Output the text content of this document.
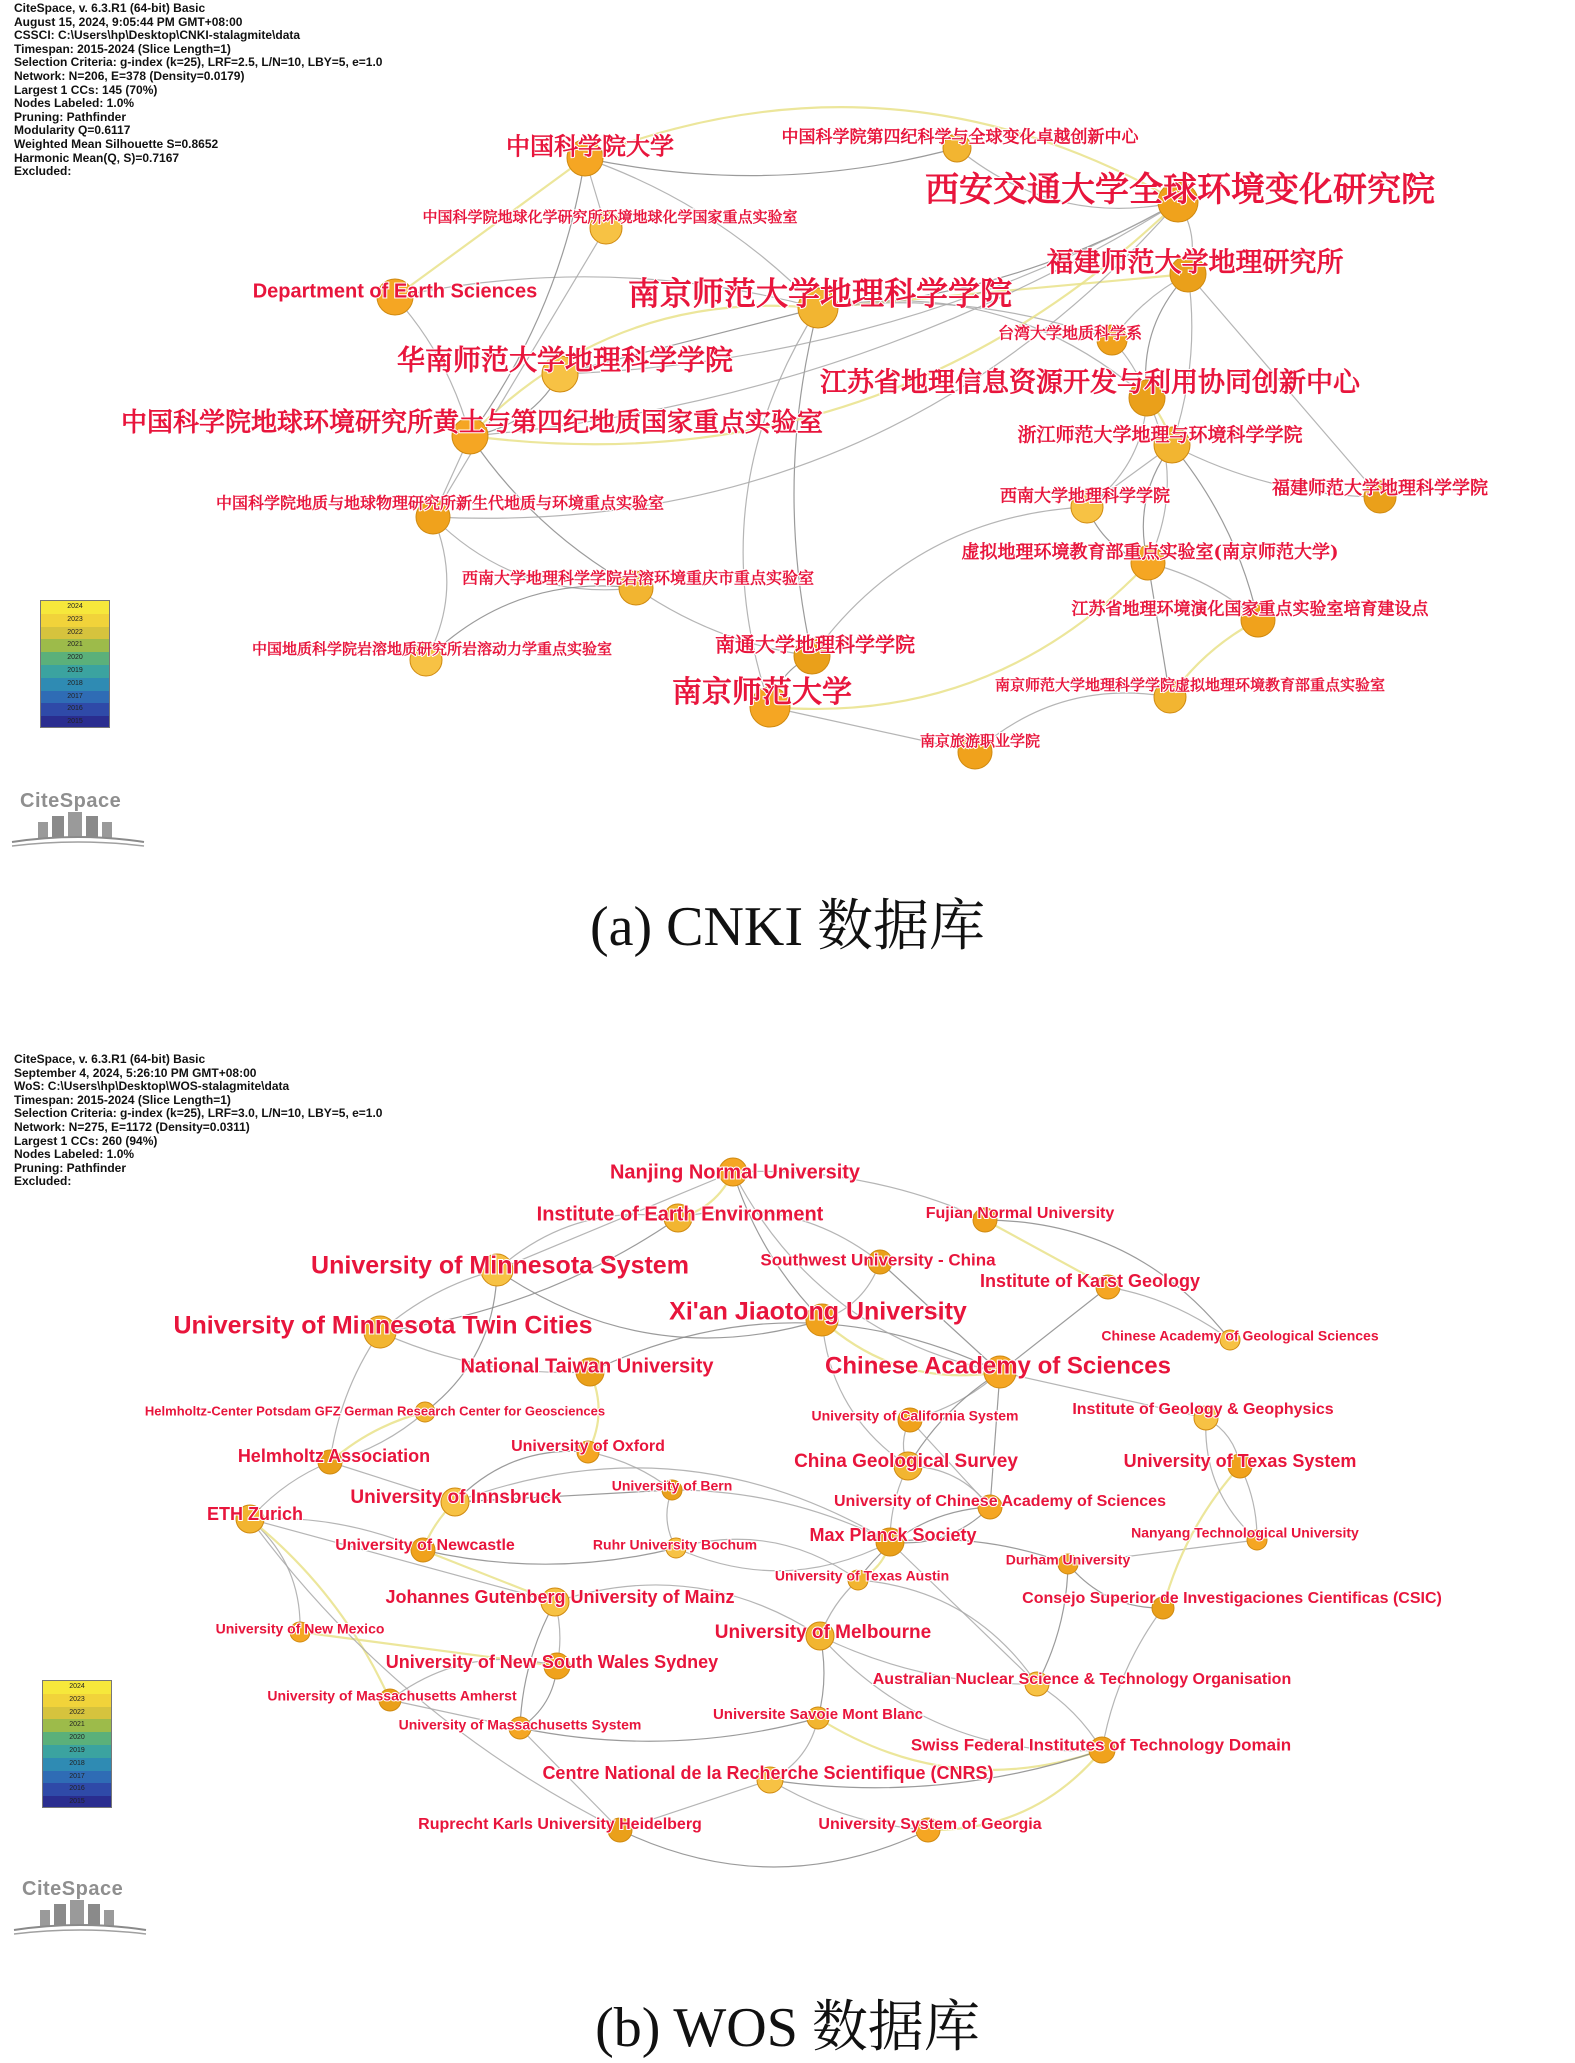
中国科学院大学	中国科学院第四纪科学与全球变化卓越创新中心
西安交通大学全球环境变化研究院
中国科学院地球化学研究所环境地球化学国家重点实验室
福建师范大学地理研究所
Department of Earth Sciences	南京师范大学地理科学学院
台湾大学地质科学系
华南师范大学地理科学学院
江苏省地理信息资源开发与利用协同创新中心
中国科学院地球环境研究所黄土与第四纪地质国家重点实验室	浙江师范大学地理与环境科学学院
中国科学院地质与地球物理研究所新生代地质与环境重点实验室	西南大学地理科学学院	福建师范大学地理科学学院
虚拟地理环境教育部重点实验室(南京师范大学)
西南大学地理科学学院岩溶环境重庆市重点实验室
江苏省地理环境演化国家重点实验室培育建设点
中国地质科学院岩溶地质研究所岩溶动力学重点实验室	南通大学地理科学学院
南京师范大学	南京师范大学地理科学学院虚拟地理环境教育部重点实验室
南京旅游职业学院
CiteSpace, v. 6.3.R1 (64-bit) Basic
August 15, 2024, 9:05:44 PM GMT+08:00
CSSCI: C:\Users\hp\Desktop\CNKI-stalagmite\data
Timespan: 2015-2024 (Slice Length=1)
Selection Criteria: g-index (k=25), LRF=2.5, L/N=10, LBY=5, e=1.0
Network: N=206, E=378 (Density=0.0179)
Largest 1 CCs: 145 (70%)
Nodes Labeled: 1.0%
Pruning: Pathfinder
Modularity Q=0.6117
Weighted Mean Silhouette S=0.8652
Harmonic Mean(Q, S)=0.7167
Excluded:
2024
2023
2022
2021
2020
2019
2018
2017
2016
2015
CiteSpace
(a) CNKI 数据库
Nanjing Normal University
Institute of Earth Environment	Fujian Normal University
University of Minnesota System	Southwest University - China
Institute of Karst Geology
University of Minnesota Twin Cities	Xi'an Jiaotong University
Chinese Academy of Geological Sciences
National Taiwan University	Chinese Academy of Sciences
Helmholtz-Center Potsdam GFZ German Research Center for Geosciences	University of California System	Institute of Geology & Geophysics
Helmholtz Association	University of Oxford
China Geological Survey	University of Texas System
University of Innsbruck
University of Bern
University of Chinese Academy of Sciences
ETH Zurich
University of Newcastle	Ruhr University Bochum	Max Planck Society	Nanyang Technological University
University of Texas Austin
Durham University
Johannes Gutenberg University of Mainz	Consejo Superior de Investigaciones Cientificas (CSIC)
University of New Mexico	University of Melbourne
University of New South Wales Sydney
Australian Nuclear Science & Technology Organisation
University of Massachusetts Amherst
University of Massachusetts System
Universite Savoie Mont Blanc
Swiss Federal Institutes of Technology Domain
Centre National de la Recherche Scientifique (CNRS)
Ruprecht Karls University Heidelberg	University System of Georgia
CiteSpace, v. 6.3.R1 (64-bit) Basic
September 4, 2024, 5:26:10 PM GMT+08:00
WoS: C:\Users\hp\Desktop\WOS-stalagmite\data
Timespan: 2015-2024 (Slice Length=1)
Selection Criteria: g-index (k=25), LRF=3.0, L/N=10, LBY=5, e=1.0
Network: N=275, E=1172 (Density=0.0311)
Largest 1 CCs: 260 (94%)
Nodes Labeled: 1.0%
Pruning: Pathfinder
Excluded:
2024
2023
2022
2021
2020
2019
2018
2017
2016
2015
CiteSpace
(b) WOS 数据库
